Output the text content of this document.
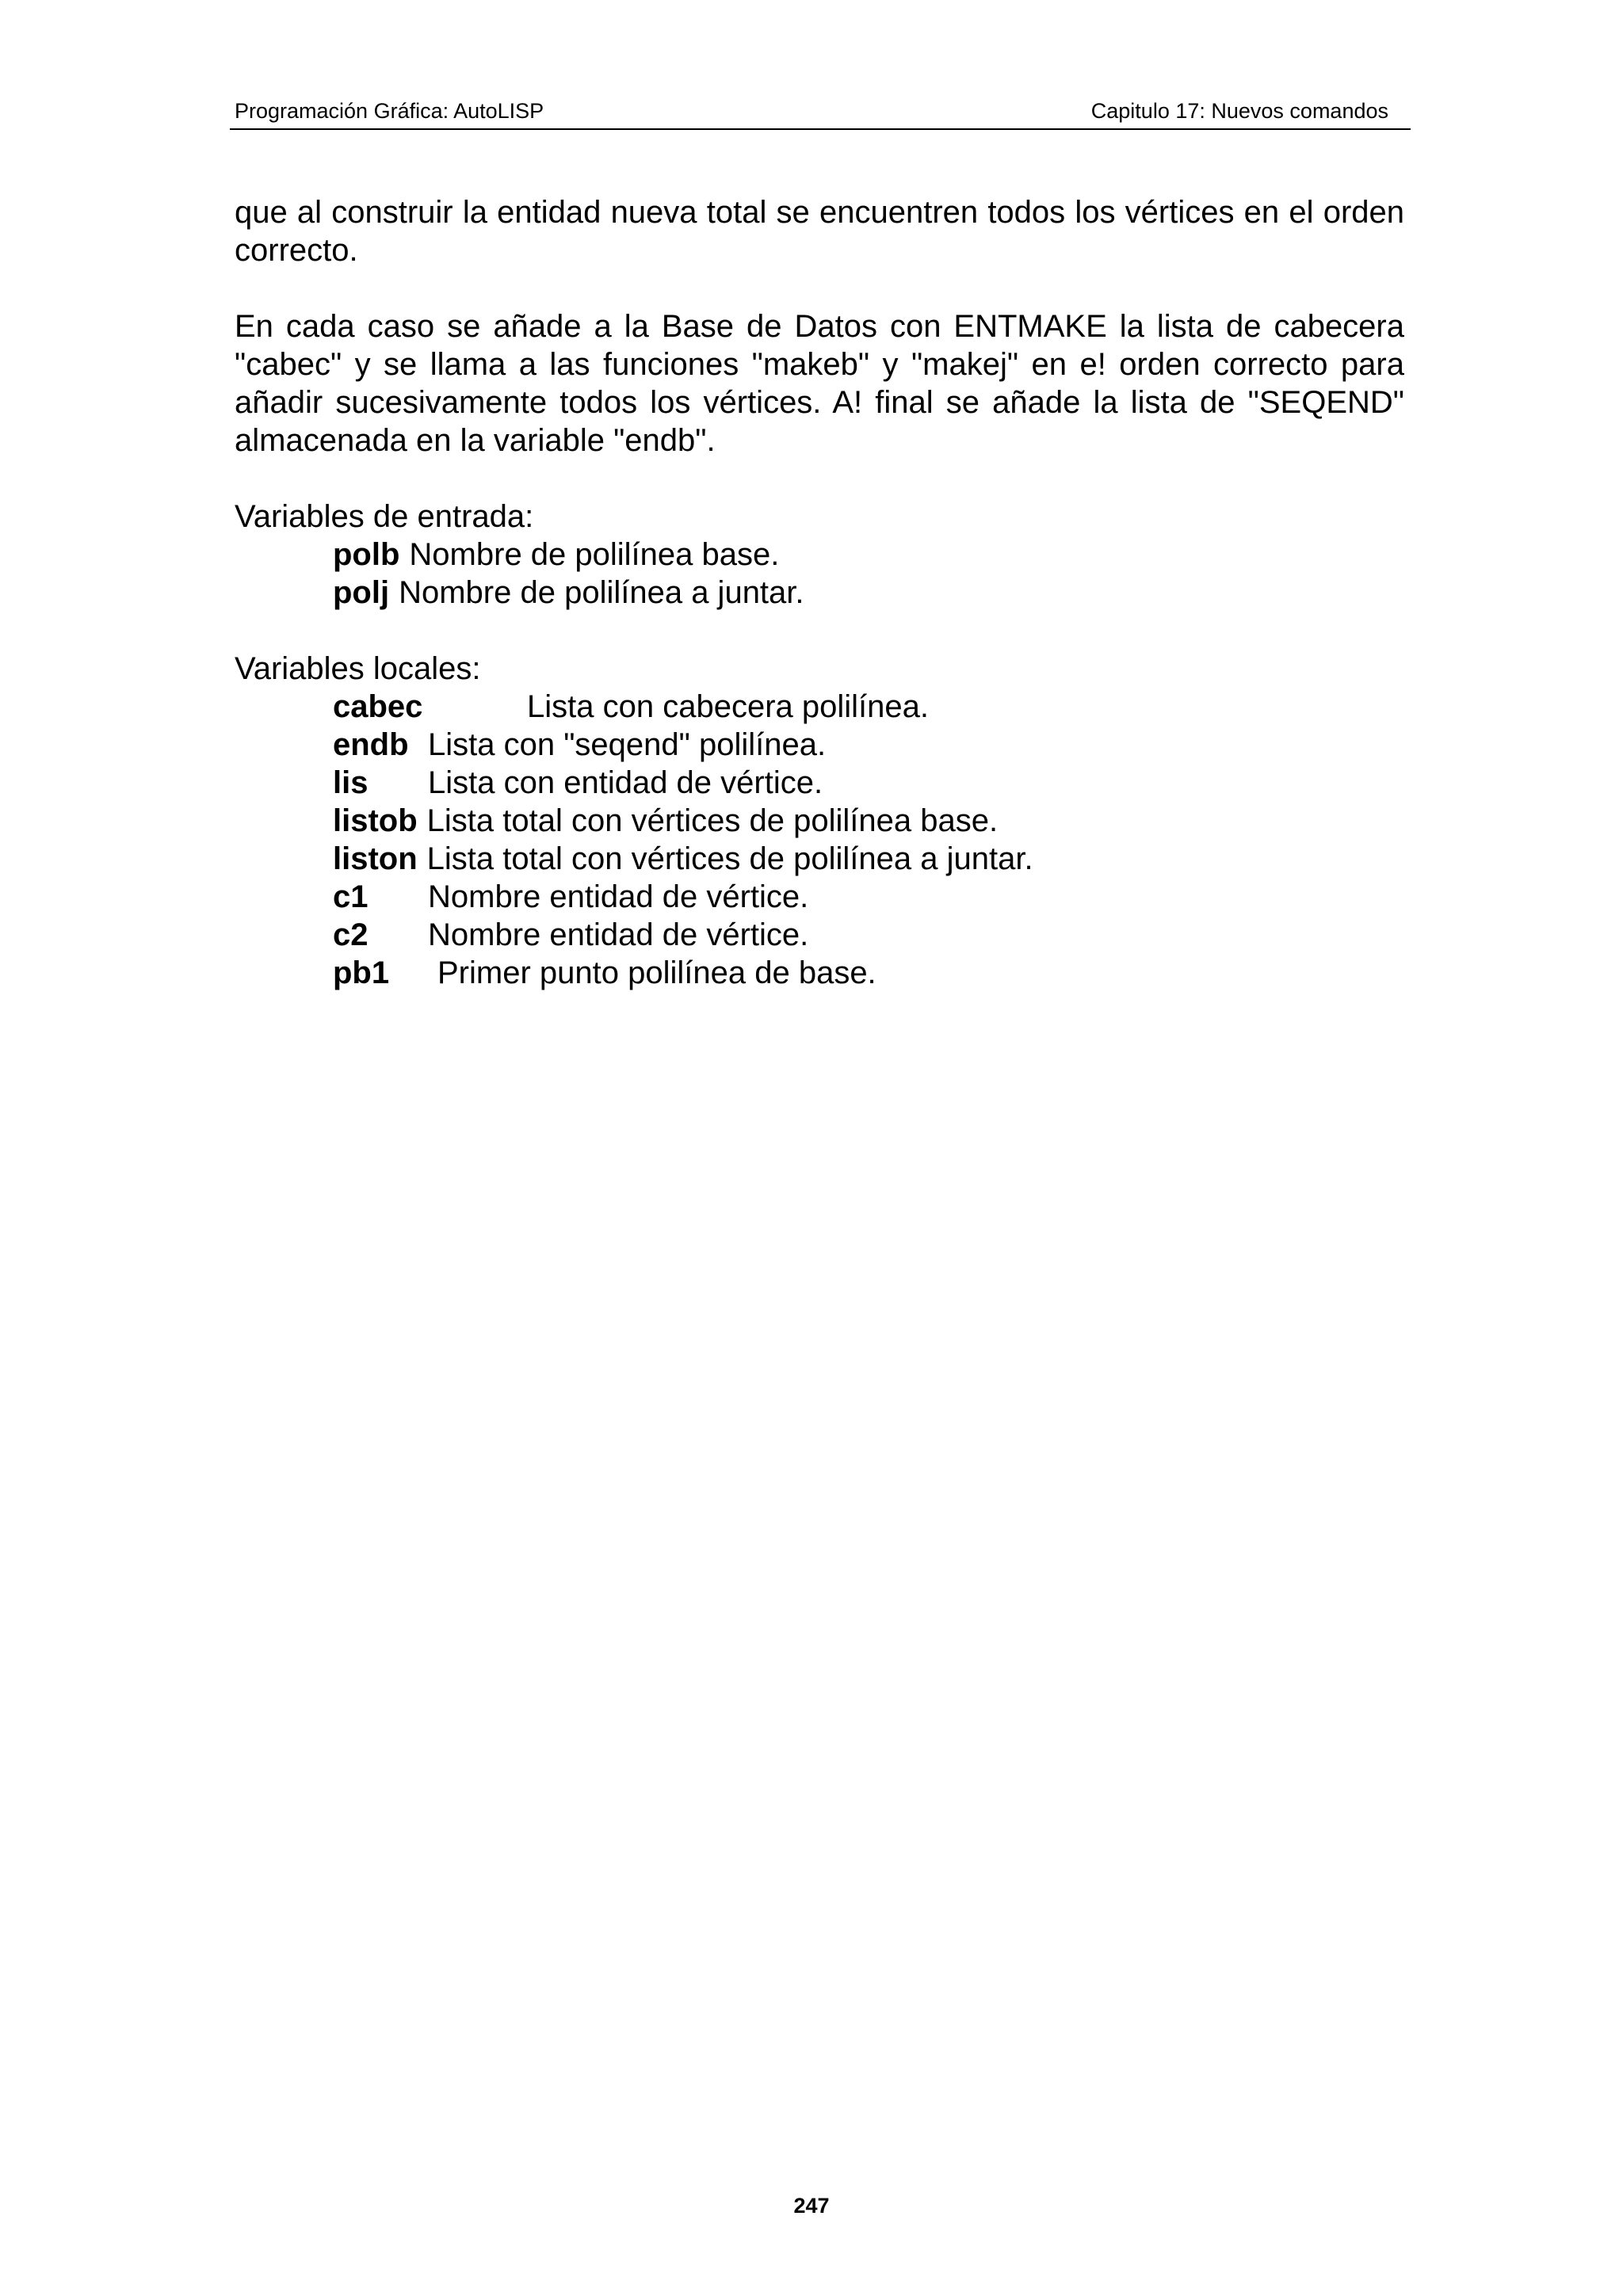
Programación Gráfica: AutoLISP	Capitulo 17: Nuevos comandos

que al construir la entidad nueva total se encuentren todos los vértices en el orden correcto.

En cada caso se añade a la Base de Datos con ENTMAKE la lista de cabecera "cabec" y se llama a las funciones "makeb" y "makej" en e! orden correcto para añadir sucesivamente todos los vértices. A! final se añade la lista de "SEQEND" almacenada en la variable "endb".

Variables de entrada:
polb Nombre de polilínea base.
polj Nombre de polilínea a juntar.
Variables locales:
cabec	Lista con cabecera polilínea.
endb Lista con "seqend" polilínea.
lis Lista con entidad de vértice.
listob Lista total con vértices de polilínea base.
liston Lista total con vértices de polilínea a juntar.
c1 Nombre entidad de vértice.
c2 Nombre entidad de vértice.
pb1 Primer punto polilínea de base.
247
